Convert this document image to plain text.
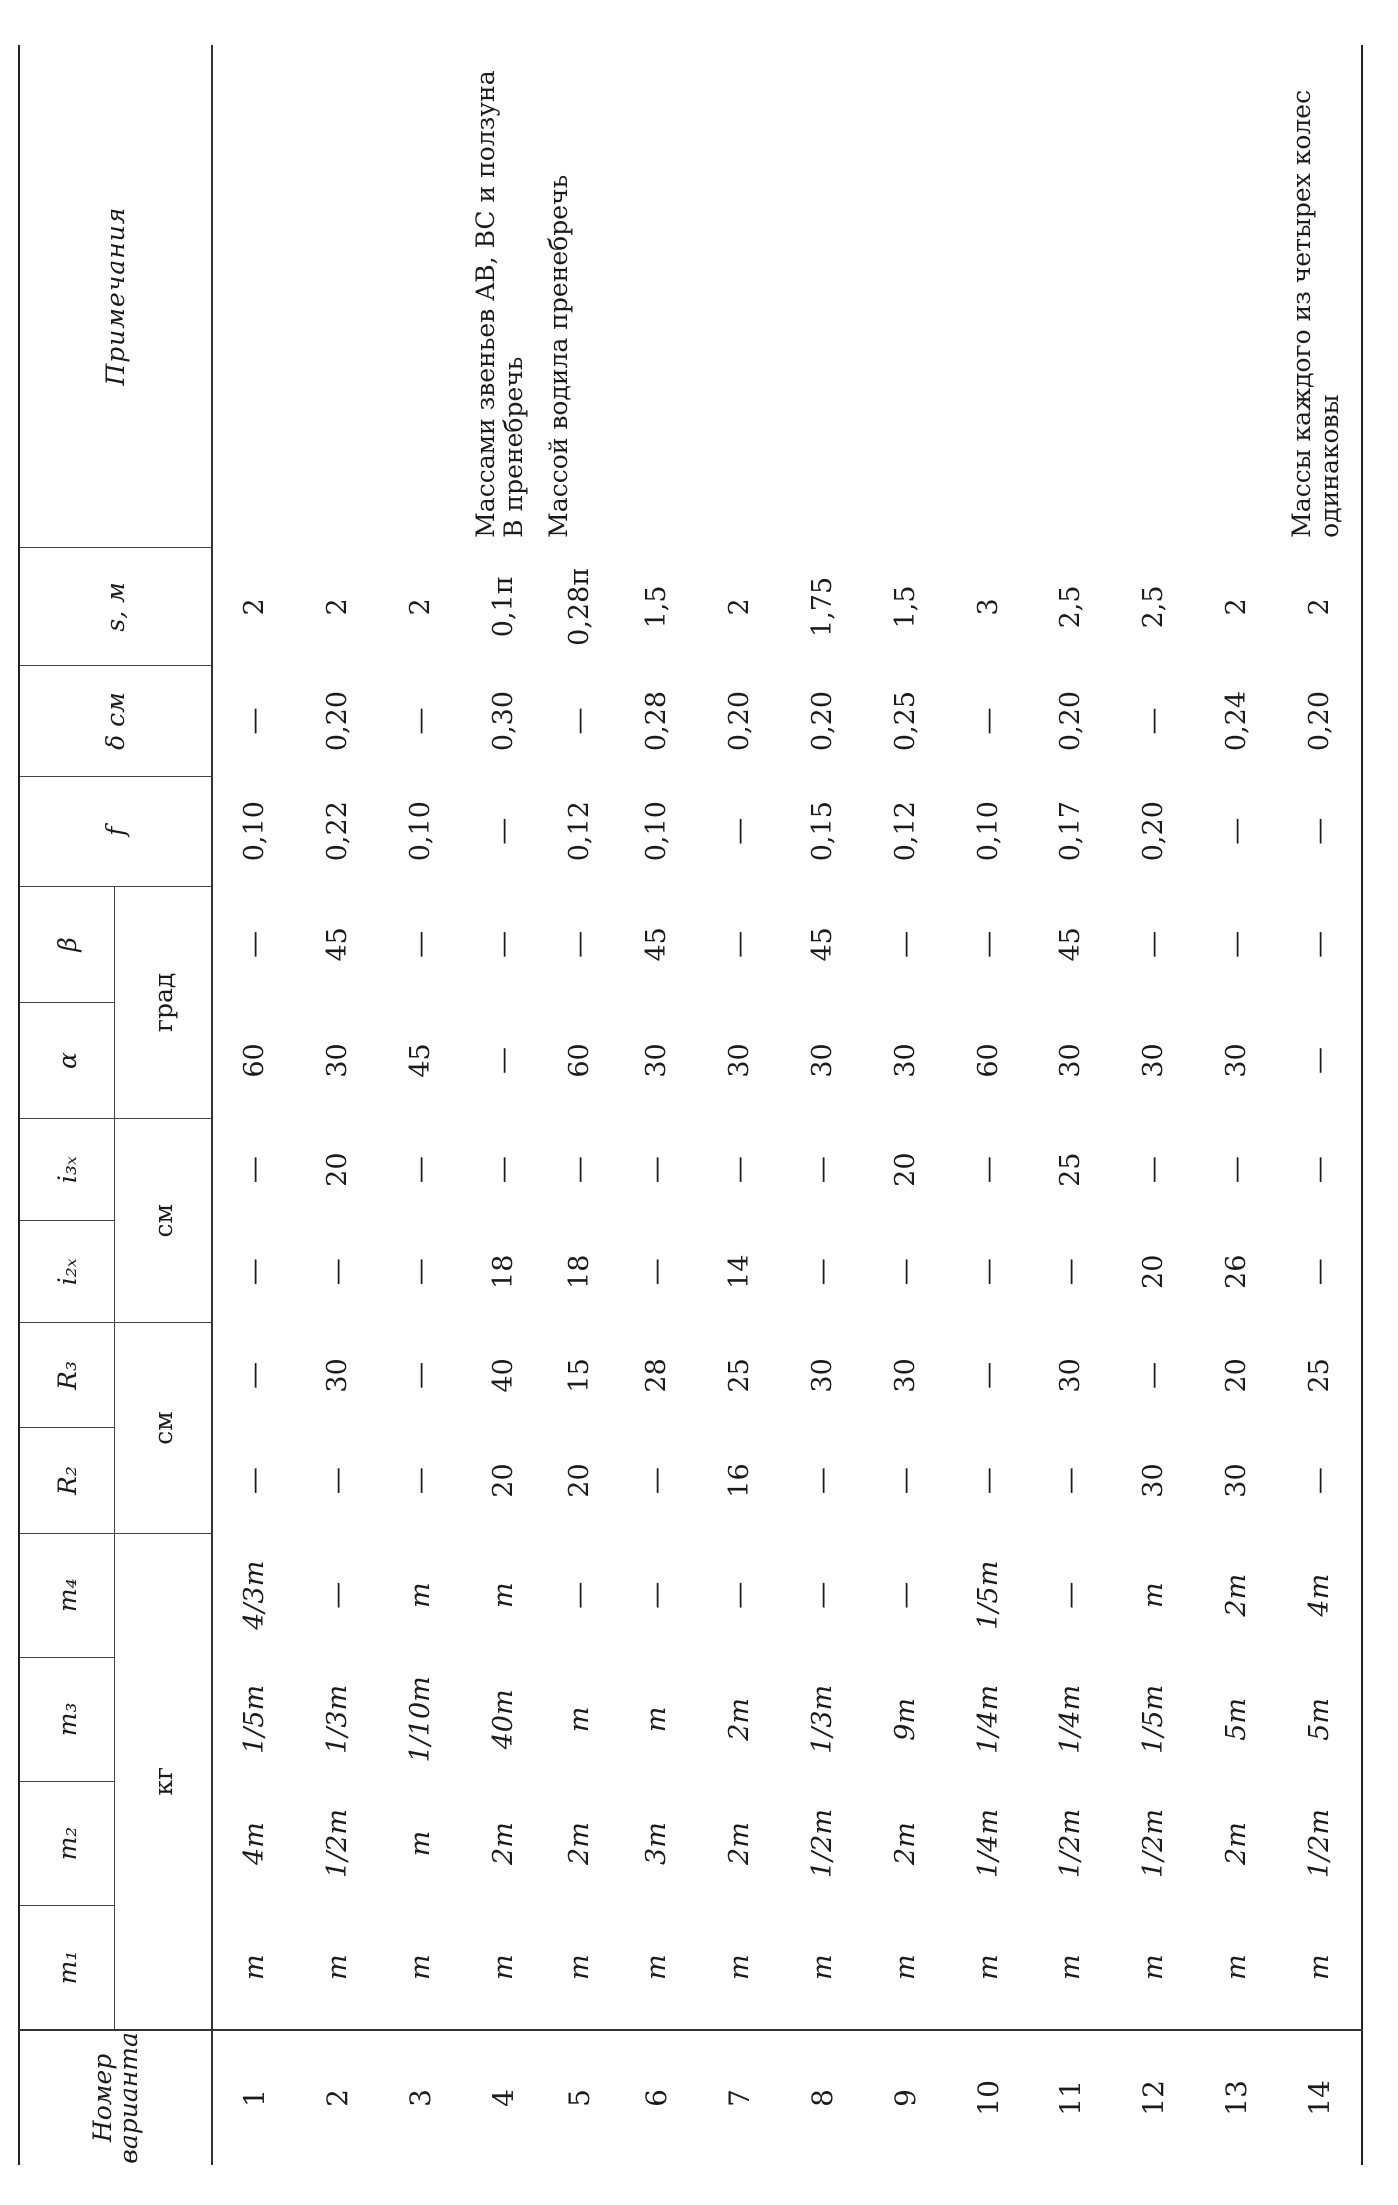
Номер варианта	m₁	m₂	m₃	m₄	R₂	R₃	i₂ₓ	i₃ₓ	α	β	f	δ см	s, м	Примечания
	кг				см		см		град					
1	m	4m	1/5m	4/3m	—	—	—	—	60	—	0,10	—	2	
2	m	1/2m	1/3m	—	—	30	—	20	30	45	0,22	0,20	2	
3	m	m	1/10m	m	—	—	—	—	45	—	0,10	—	2	
4	m	2m	40m	m	20	40	18	—	—	—	—	0,30	0,1π	Массами звеньев AB, BC и ползуна B пренебречь
5	m	2m	m	—	20	15	18	—	60	—	0,12	—	0,28π	Массой водила пренебречь
6	m	3m	m	—	—	28	—	—	30	45	0,10	0,28	1,5	
7	m	2m	2m	—	16	25	14	—	30	—	—	0,20	2	
8	m	1/2m	1/3m	—	—	30	—	—	30	45	0,15	0,20	1,75	
9	m	2m	9m	—	—	30	—	20	30	—	0,12	0,25	1,5	
10	m	1/4m	1/4m	1/5m	—	—	—	—	60	—	0,10	—	3	
11	m	1/2m	1/4m	—	—	30	—	25	30	45	0,17	0,20	2,5	
12	m	1/2m	1/5m	m	30	—	20	—	30	—	0,20	—	2,5	
13	m	2m	5m	2m	30	20	26	—	30	—	—	0,24	2	
14	m	1/2m	5m	4m	—	25	—	—	—	—	—	0,20	2	Массы каждого из четырех колес одинаковы
